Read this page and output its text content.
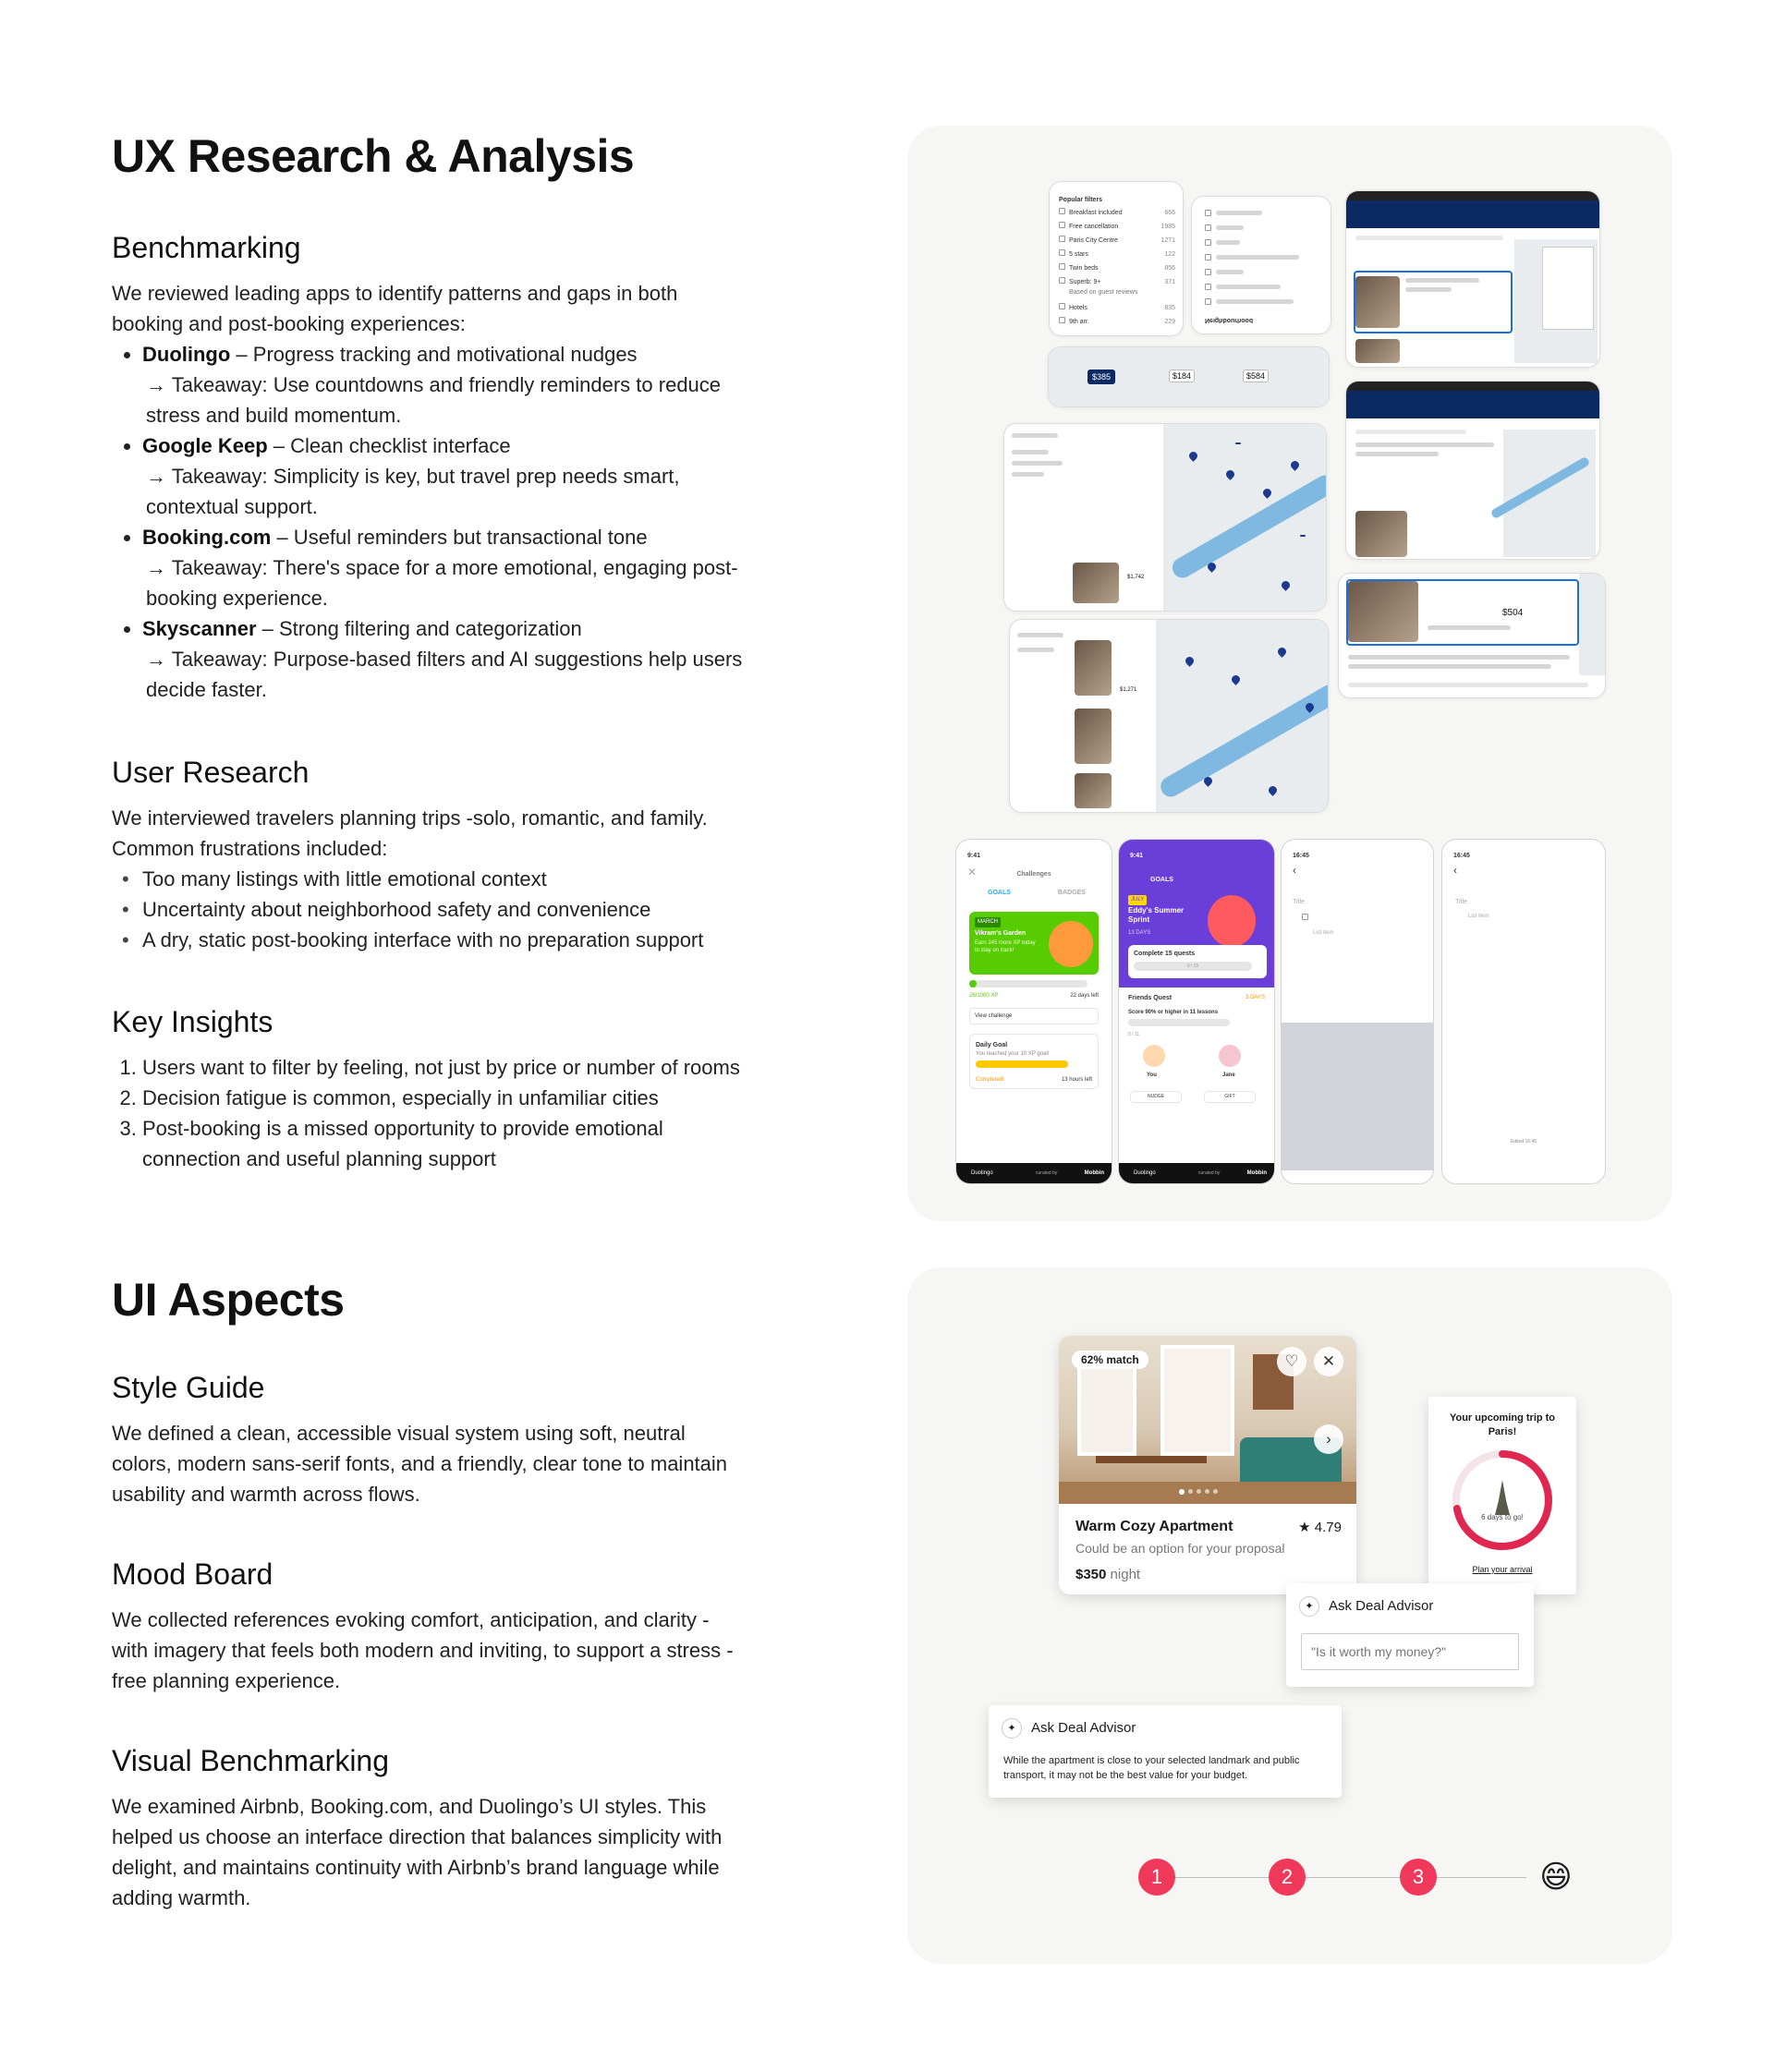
UX Research & Analysis
Benchmarking

We reviewed leading apps to identify patterns and gaps in both booking and post-booking experiences:

• Duolingo – Progress tracking and motivational nudges
→ Takeaway: Use countdowns and friendly reminders to reduce stress and build momentum.
• Google Keep – Clean checklist interface
→ Takeaway: Simplicity is key, but travel prep needs smart, contextual support.
• Booking.com – Useful reminders but transactional tone
→ Takeaway: There's space for a more emotional, engaging post-booking experience.
• Skyscanner – Strong filtering and categorization
→ Takeaway: Purpose-based filters and AI suggestions help users decide faster.
User Research

We interviewed travelers planning trips -solo, romantic, and family. Common frustrations included:

• Too many listings with little emotional context
• Uncertainty about neighborhood safety and convenience
• A dry, static post-booking interface with no preparation support
Key Insights
1. Users want to filter by feeling, not just by price or number of rooms
2. Decision fatigue is common, especially in unfamiliar cities
3. Post-booking is a missed opportunity to provide emotional connection and useful planning support
UI Aspects
Style Guide

We defined a clean, accessible visual system using soft, neutral colors, modern sans-serif fonts, and a friendly, clear tone to maintain usability and warmth across flows.

Mood Board

We collected references evoking comfort, anticipation, and clarity - with imagery that feels both modern and inviting, to support a stress - free planning experience.

Visual Benchmarking

We examined Airbnb, Booking.com, and Duolingo’s UI styles. This helped us choose an interface direction that balances simplicity with delight, and maintains continuity with Airbnb’s brand language while adding warmth.

Popular filters
Breakfast included	666
Free cancellation	1985
Paris City Centre	1271
5 stars	122
Twin beds	856
Superb: 9+	371
Based on guest reviews
Hotels	835
9th arr.	229	Neighbourhood
$385	$184	$584
$1,742
$504
$1,271
9:41
✕	Challenges
GOALS	BADGES
MARCH
Vikram's Garden
Earn 245 more XP today to stay on track!
26/1000 XP	22 days left
View challenge
Daily Goal
You reached your 10 XP goal!
Completed!	13 hours left
Duolingo	curated by	Mobbin
9:41
GOALS
JULY
Eddy's Summer Sprint
13 DAYS
Complete 15 quests
0 / 15
Friends Quest	3 DAYS
Score 90% or higher in 11 lessons
0 / 11
You	Jane
NUDGE	GIFT
Duolingo	curated by	Mobbin
16:45
‹
Title
List item
16:45
‹
Title
List item
Edited 16:45
62% match	♡	✕
›
Warm Cozy Apartment	★ 4.79
Could be an option for your proposal
$350 night
Your upcoming trip to Paris!
6 days to go!
Plan your arrival
✦	Ask Deal Advisor
"Is it worth my money?"
✦	Ask Deal Advisor
While the apartment is close to your selected landmark and public transport, it may not be the best value for your budget.
1	2	3	😄
